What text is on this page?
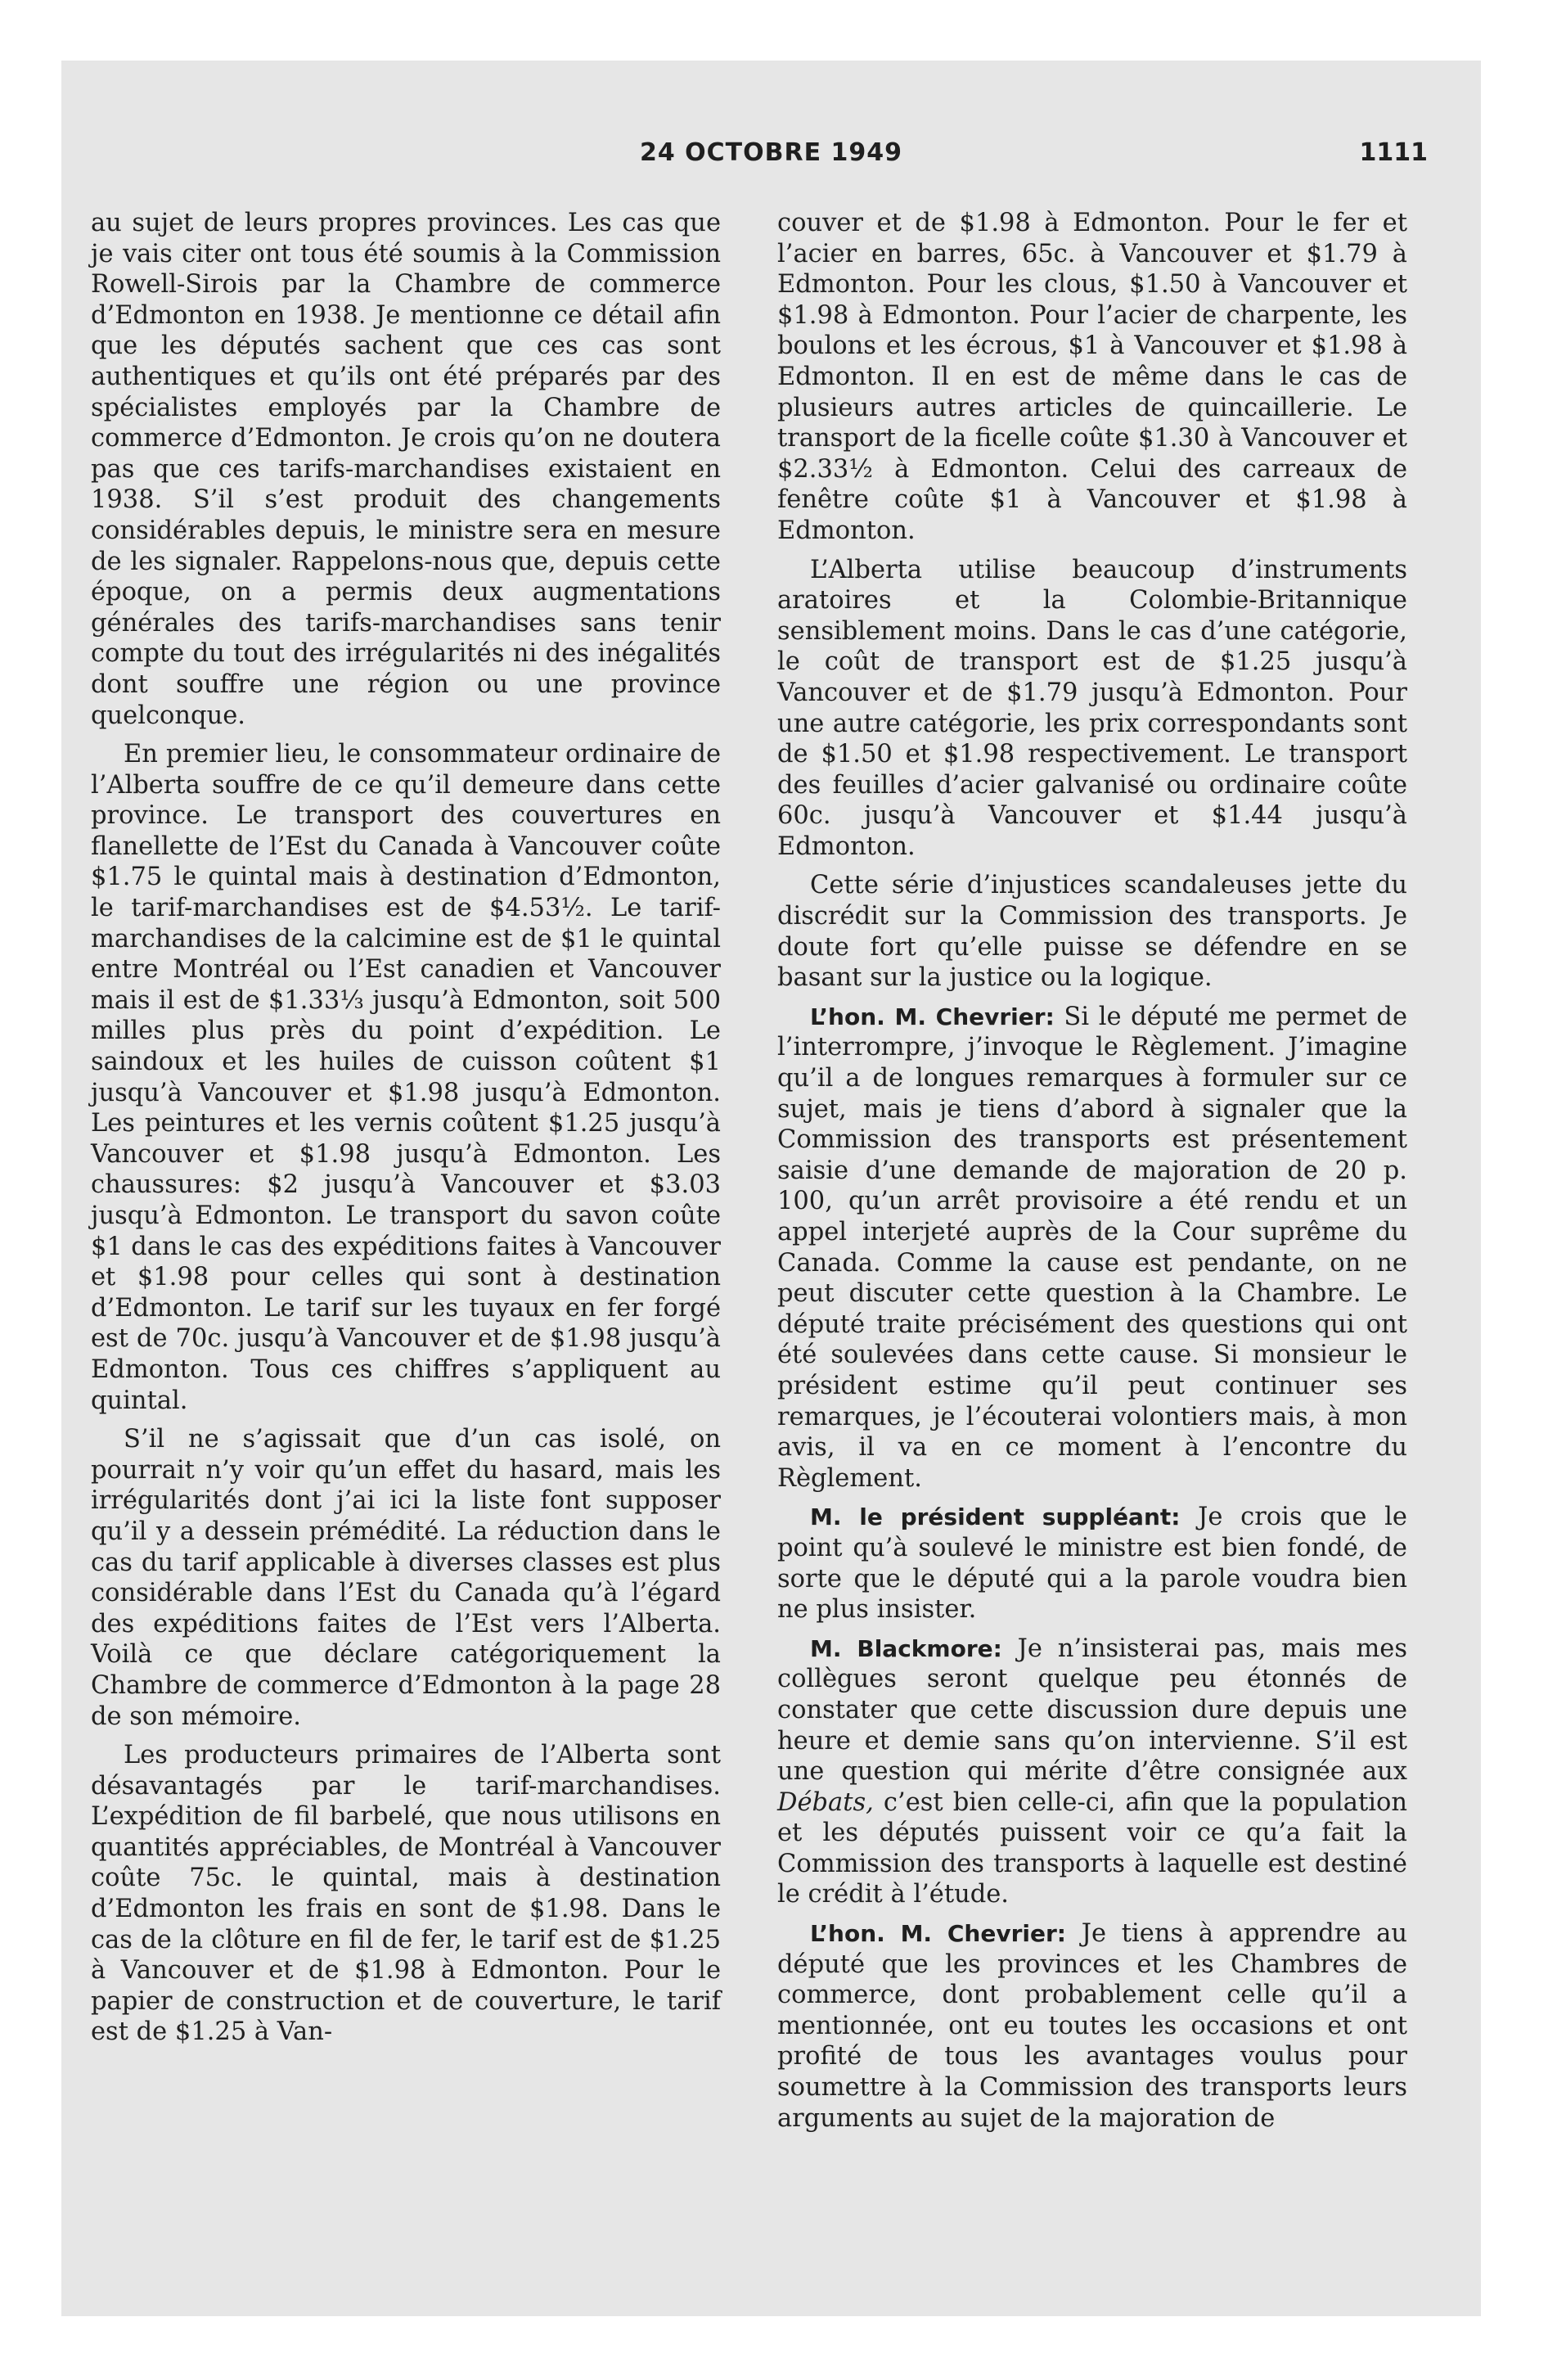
24 OCTOBRE 1949	1111

au sujet de leurs propres provinces. Les cas que je vais citer ont tous été soumis à la Commission Rowell-Sirois par la Chambre de commerce d’Edmonton en 1938. Je mentionne ce détail afin que les députés sachent que ces cas sont authentiques et qu’ils ont été préparés par des spécialistes employés par la Chambre de commerce d’Edmonton. Je crois qu’on ne doutera pas que ces tarifs-marchandises existaient en 1938. S’il s’est produit des changements considérables depuis, le ministre sera en mesure de les signaler. Rappelons-nous que, depuis cette époque, on a permis deux augmentations générales des tarifs-marchandises sans tenir compte du tout des irrégularités ni des inégalités dont souffre une région ou une province quelconque.

En premier lieu, le consommateur ordinaire de l’Alberta souffre de ce qu’il demeure dans cette province. Le transport des couvertures en flanellette de l’Est du Canada à Vancouver coûte $1.75 le quintal mais à destination d’Edmonton, le tarif-marchandises est de $4.53½. Le tarif-marchandises de la calcimine est de $1 le quintal entre Montréal ou l’Est canadien et Vancouver mais il est de $1.33⅓ jusqu’à Edmonton, soit 500 milles plus près du point d’expédition. Le saindoux et les huiles de cuisson coûtent $1 jusqu’à Vancouver et $1.98 jusqu’à Edmonton. Les peintures et les vernis coûtent $1.25 jusqu’à Vancouver et $1.98 jusqu’à Edmonton. Les chaussures: $2 jusqu’à Vancouver et $3.03 jusqu’à Edmonton. Le transport du savon coûte $1 dans le cas des expéditions faites à Vancouver et $1.98 pour celles qui sont à destination d’Edmonton. Le tarif sur les tuyaux en fer forgé est de 70c. jusqu’à Vancouver et de $1.98 jusqu’à Edmonton. Tous ces chiffres s’appliquent au quintal.

S’il ne s’agissait que d’un cas isolé, on pourrait n’y voir qu’un effet du hasard, mais les irrégularités dont j’ai ici la liste font supposer qu’il y a dessein prémédité. La réduction dans le cas du tarif applicable à diverses classes est plus considérable dans l’Est du Canada qu’à l’égard des expéditions faites de l’Est vers l’Alberta. Voilà ce que déclare catégoriquement la Chambre de commerce d’Edmonton à la page 28 de son mémoire.

Les producteurs primaires de l’Alberta sont désavantagés par le tarif-marchandises. L’expédition de fil barbelé, que nous utilisons en quantités appréciables, de Montréal à Vancouver coûte 75c. le quintal, mais à destination d’Edmonton les frais en sont de $1.98. Dans le cas de la clôture en fil de fer, le tarif est de $1.25 à Vancouver et de $1.98 à Edmonton. Pour le papier de construction et de couverture, le tarif est de $1.25 à Van-

couver et de $1.98 à Edmonton. Pour le fer et l’acier en barres, 65c. à Vancouver et $1.79 à Edmonton. Pour les clous, $1.50 à Vancouver et $1.98 à Edmonton. Pour l’acier de charpente, les boulons et les écrous, $1 à Vancouver et $1.98 à Edmonton. Il en est de même dans le cas de plusieurs autres articles de quincaillerie. Le transport de la ficelle coûte $1.30 à Vancouver et $2.33½ à Edmonton. Celui des carreaux de fenêtre coûte $1 à Vancouver et $1.98 à Edmonton.

L’Alberta utilise beaucoup d’instruments aratoires et la Colombie-Britannique sensiblement moins. Dans le cas d’une catégorie, le coût de transport est de $1.25 jusqu’à Vancouver et de $1.79 jusqu’à Edmonton. Pour une autre catégorie, les prix correspondants sont de $1.50 et $1.98 respectivement. Le transport des feuilles d’acier galvanisé ou ordinaire coûte 60c. jusqu’à Vancouver et $1.44 jusqu’à Edmonton.

Cette série d’injustices scandaleuses jette du discrédit sur la Commission des transports. Je doute fort qu’elle puisse se défendre en se basant sur la justice ou la logique.

L’hon. M. Chevrier: Si le député me permet de l’interrompre, j’invoque le Règlement. J’imagine qu’il a de longues remarques à formuler sur ce sujet, mais je tiens d’abord à signaler que la Commission des transports est présentement saisie d’une demande de majoration de 20 p. 100, qu’un arrêt provisoire a été rendu et un appel interjeté auprès de la Cour suprême du Canada. Comme la cause est pendante, on ne peut discuter cette question à la Chambre. Le député traite précisément des questions qui ont été soulevées dans cette cause. Si monsieur le président estime qu’il peut continuer ses remarques, je l’écouterai volontiers mais, à mon avis, il va en ce moment à l’encontre du Règlement.

M. le président suppléant: Je crois que le point qu’à soulevé le ministre est bien fondé, de sorte que le député qui a la parole voudra bien ne plus insister.

M. Blackmore: Je n’insisterai pas, mais mes collègues seront quelque peu étonnés de constater que cette discussion dure depuis une heure et demie sans qu’on intervienne. S’il est une question qui mérite d’être consignée aux Débats, c’est bien celle-ci, afin que la population et les députés puissent voir ce qu’a fait la Commission des transports à laquelle est destiné le crédit à l’étude.

L’hon. M. Chevrier: Je tiens à apprendre au député que les provinces et les Chambres de commerce, dont probablement celle qu’il a mentionnée, ont eu toutes les occasions et ont profité de tous les avantages voulus pour soumettre à la Commission des transports leurs arguments au sujet de la majoration de
